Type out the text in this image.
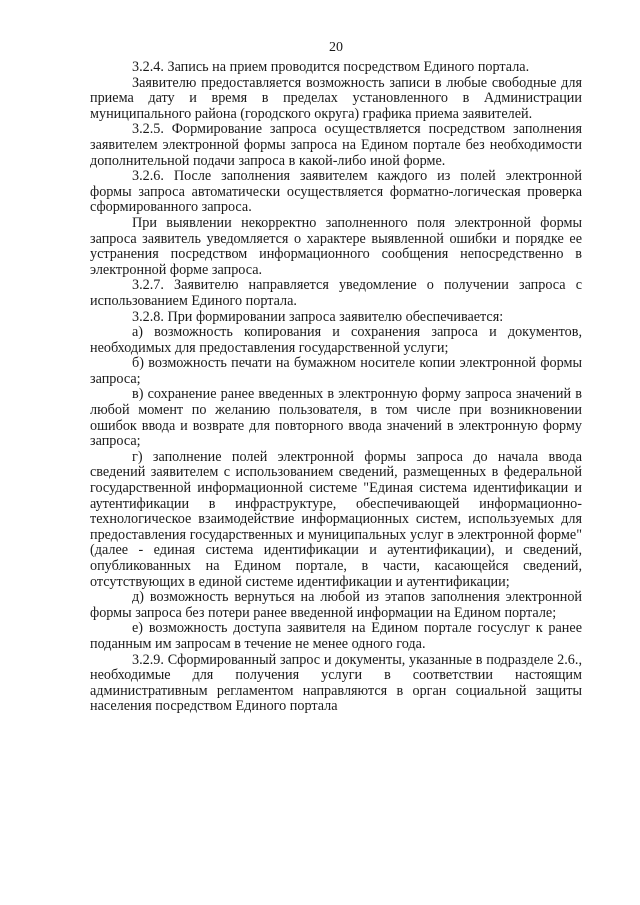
20

3.2.4. Запись на прием проводится посредством Единого портала.

Заявителю предоставляется возможность записи в любые свободные для приема дату и время в пределах установленного в Администрации муниципального района (городского округа) графика приема заявителей.

3.2.5. Формирование запроса осуществляется посредством заполнения заявителем электронной формы запроса на Едином портале без необходимости дополнительной подачи запроса в какой-либо иной форме.

3.2.6. После заполнения заявителем каждого из полей электронной формы запроса автоматически осуществляется форматно-логическая проверка сформированного запроса.

При выявлении некорректно заполненного поля электронной формы запроса заявитель уведомляется о характере выявленной ошибки и порядке ее устранения посредством информационного сообщения непосредственно в электронной форме запроса.

3.2.7. Заявителю направляется уведомление о получении запроса с использованием Единого портала.

3.2.8. При формировании запроса заявителю обеспечивается:

а) возможность копирования и сохранения запроса и документов, необходимых для предоставления государственной услуги;

б) возможность печати на бумажном носителе копии электронной формы запроса;

в) сохранение ранее введенных в электронную форму запроса значений в любой момент по желанию пользователя, в том числе при возникновении ошибок ввода и возврате для повторного ввода значений в электронную форму запроса;

г) заполнение полей электронной формы запроса до начала ввода сведений заявителем с использованием сведений, размещенных в федеральной государственной информационной системе "Единая система идентификации и аутентификации в инфраструктуре, обеспечивающей информационно-технологическое взаимодействие информационных систем, используемых для предоставления государственных и муниципальных услуг в электронной форме" (далее - единая система идентификации и аутентификации), и сведений, опубликованных на Едином портале, в части, касающейся сведений, отсутствующих в единой системе идентификации и аутентификации;

д) возможность вернуться на любой из этапов заполнения электронной формы запроса без потери ранее введенной информации на Едином портале;

е) возможность доступа заявителя на Едином портале госуслуг к ранее поданным им запросам в течение не менее одного года.

3.2.9. Сформированный запрос и документы, указанные в подразделе 2.6., необходимые для получения услуги в соответствии настоящим административным регламентом направляются в орган социальной защиты населения посредством Единого портала
